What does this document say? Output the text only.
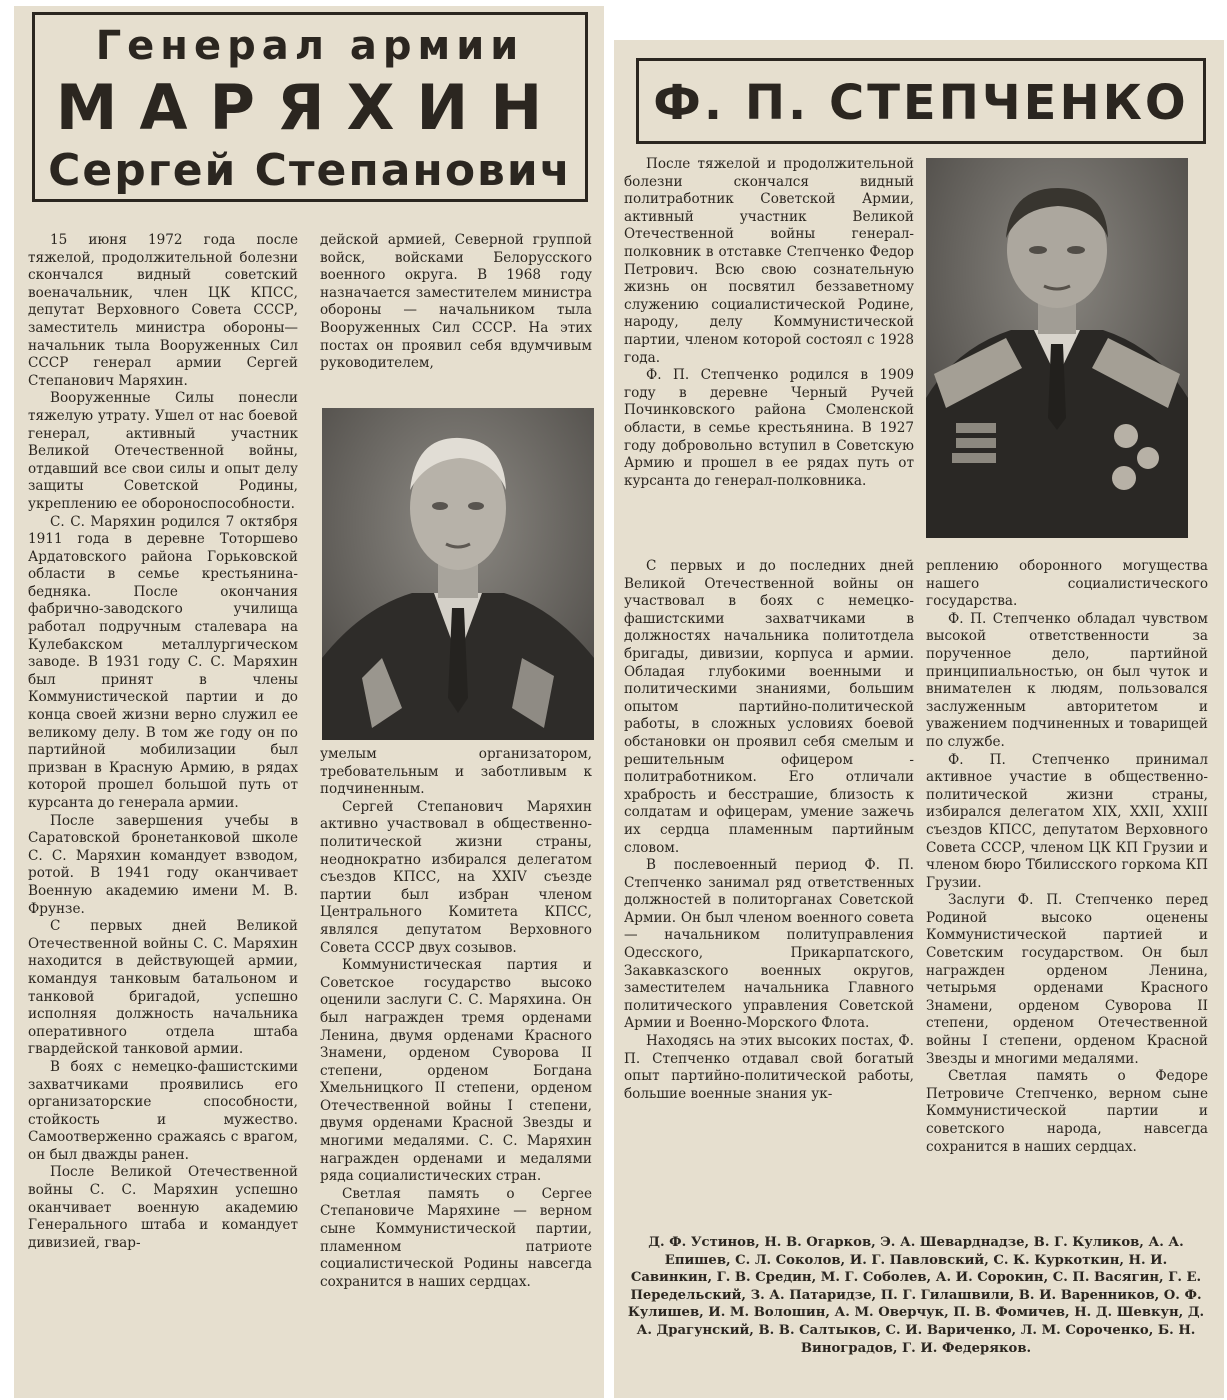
Генерал армии
МАРЯХИН
Сергей Степанович

15 июня 1972 года после тяжелой, продолжительной болезни скончался видный советский военачальник, член ЦК КПСС, депутат Верховного Совета СССР, заместитель министра обороны—начальник тыла Вооруженных Сил СССР генерал армии Сергей Степанович Маряхин.

Вооруженные Силы понесли тяжелую утрату. Ушел от нас боевой генерал, активный участник Великой Отечественной войны, отдавший все свои силы и опыт делу защиты Советской Родины, укреплению ее обороноспособности.

С. С. Маряхин родился 7 октября 1911 года в деревне Тоторшево Ардатовского района Горьковской области в семье крестьянина-бедняка. После окончания фабрично-заводского училища работал подручным сталевара на Кулебакском металлургическом заводе. В 1931 году С. С. Маряхин был принят в члены Коммунистической партии и до конца своей жизни верно служил ее великому делу. В том же году он по партийной мобилизации был призван в Красную Армию, в рядах которой прошел большой путь от курсанта до генерала армии.

После завершения учебы в Саратовской бронетанковой школе С. С. Маряхин командует взводом, ротой. В 1941 году оканчивает Военную академию имени М. В. Фрунзе.

С первых дней Великой Отечественной войны С. С. Маряхин находится в действующей армии, командуя танковым батальоном и танковой бригадой, успешно исполняя должность начальника оперативного отдела штаба гвардейской танковой армии.

В боях с немецко-фашистскими захватчиками проявились его организаторские способности, стойкость и мужество. Самоотверженно сражаясь с врагом, он был дважды ранен.

После Великой Отечественной войны С. С. Маряхин успешно оканчивает военную академию Генерального штаба и командует дивизией, гвар-

дейской армией, Северной группой войск, войсками Белорусского военного округа. В 1968 году назначается заместителем министра обороны — начальником тыла Вооруженных Сил СССР. На этих постах он проявил себя вдумчивым руководителем,

умелым организатором, требовательным и заботливым к подчиненным.

Сергей Степанович Маряхин активно участвовал в общественно-политической жизни страны, неоднократно избирался делегатом съездов КПСС, на XXIV съезде партии был избран членом Центрального Комитета КПСС, являлся депутатом Верховного Совета СССР двух созывов.

Коммунистическая партия и Советское государство высоко оценили заслуги С. С. Маряхина. Он был награжден тремя орденами Ленина, двумя орденами Красного Знамени, орденом Суворова II степени, орденом Богдана Хмельницкого II степени, орденом Отечественной войны I степени, двумя орденами Красной Звезды и многими медалями. С. С. Маряхин награжден орденами и медалями ряда социалистических стран.

Светлая память о Сергее Степановиче Маряхине — верном сыне Коммунистической партии, пламенном патриоте социалистической Родины навсегда сохранится в наших сердцах.

Ф. П. СТЕПЧЕНКО

После тяжелой и продолжительной болезни скончался видный политработник Советской Армии, активный участник Великой Отечественной войны генерал-полковник в отставке Степченко Федор Петрович. Всю свою сознательную жизнь он посвятил беззаветному служению социалистической Родине, народу, делу Коммунистической партии, членом которой состоял с 1928 года.

Ф. П. Степченко родился в 1909 году в деревне Черный Ручей Починковского района Смоленской области, в семье крестьянина. В 1927 году добровольно вступил в Советскую Армию и прошел в ее рядах путь от курсанта до генерал-полковника.

С первых и до последних дней Великой Отечественной войны он участвовал в боях с немецко-фашистскими захватчиками в должностях начальника политотдела бригады, дивизии, корпуса и армии. Обладая глубокими военными и политическими знаниями, большим опытом партийно-политической работы, в сложных условиях боевой обстановки он проявил себя смелым и решительным офицером - политработником. Его отличали храбрость и бесстрашие, близость к солдатам и офицерам, умение зажечь их сердца пламенным партийным словом.

В послевоенный период Ф. П. Степченко занимал ряд ответственных должностей в политорганах Советской Армии. Он был членом военного совета — начальником политуправления Одесского, Прикарпатского, Закавказского военных округов, заместителем начальника Главного политического управления Советской Армии и Военно-Морского Флота.

Находясь на этих высоких постах, Ф. П. Степченко отдавал свой богатый опыт партийно-политической работы, большие военные знания ук-

реплению оборонного могущества нашего социалистического государства.

Ф. П. Степченко обладал чувством высокой ответственности за порученное дело, партийной принципиальностью, он был чуток и внимателен к людям, пользовался заслуженным авторитетом и уважением подчиненных и товарищей по службе.

Ф. П. Степченко принимал активное участие в общественно-политической жизни страны, избирался делегатом XIX, XXII, XXIII съездов КПСС, депутатом Верховного Совета СССР, членом ЦК КП Грузии и членом бюро Тбилисского горкома КП Грузии.

Заслуги Ф. П. Степченко перед Родиной высоко оценены Коммунистической партией и Советским государством. Он был награжден орденом Ленина, четырьмя орденами Красного Знамени, орденом Суворова II степени, орденом Отечественной войны I степени, орденом Красной Звезды и многими медалями.

Светлая память о Федоре Петровиче Степченко, верном сыне Коммунистической партии и советского народа, навсегда сохранится в наших сердцах.

Д. Ф. Устинов, Н. В. Огарков, Э. А. Шеварднадзе, В. Г. Куликов, А. А. Епишев, С. Л. Соколов, И. Г. Павловский, С. К. Куркоткин, Н. И. Савинкин, Г. В. Средин, М. Г. Соболев, А. И. Сорокин, С. П. Васягин, Г. Е. Передельский, З. А. Патаридзе, П. Г. Гилашвили, В. И. Варенников, О. Ф. Кулишев, И. М. Волошин, А. М. Оверчук, П. В. Фомичев, Н. Д. Шевкун, Д. А. Драгунский, В. В. Салтыков, С. И. Вариченко, Л. М. Сороченко, Б. Н. Виноградов, Г. И. Федеряков.
